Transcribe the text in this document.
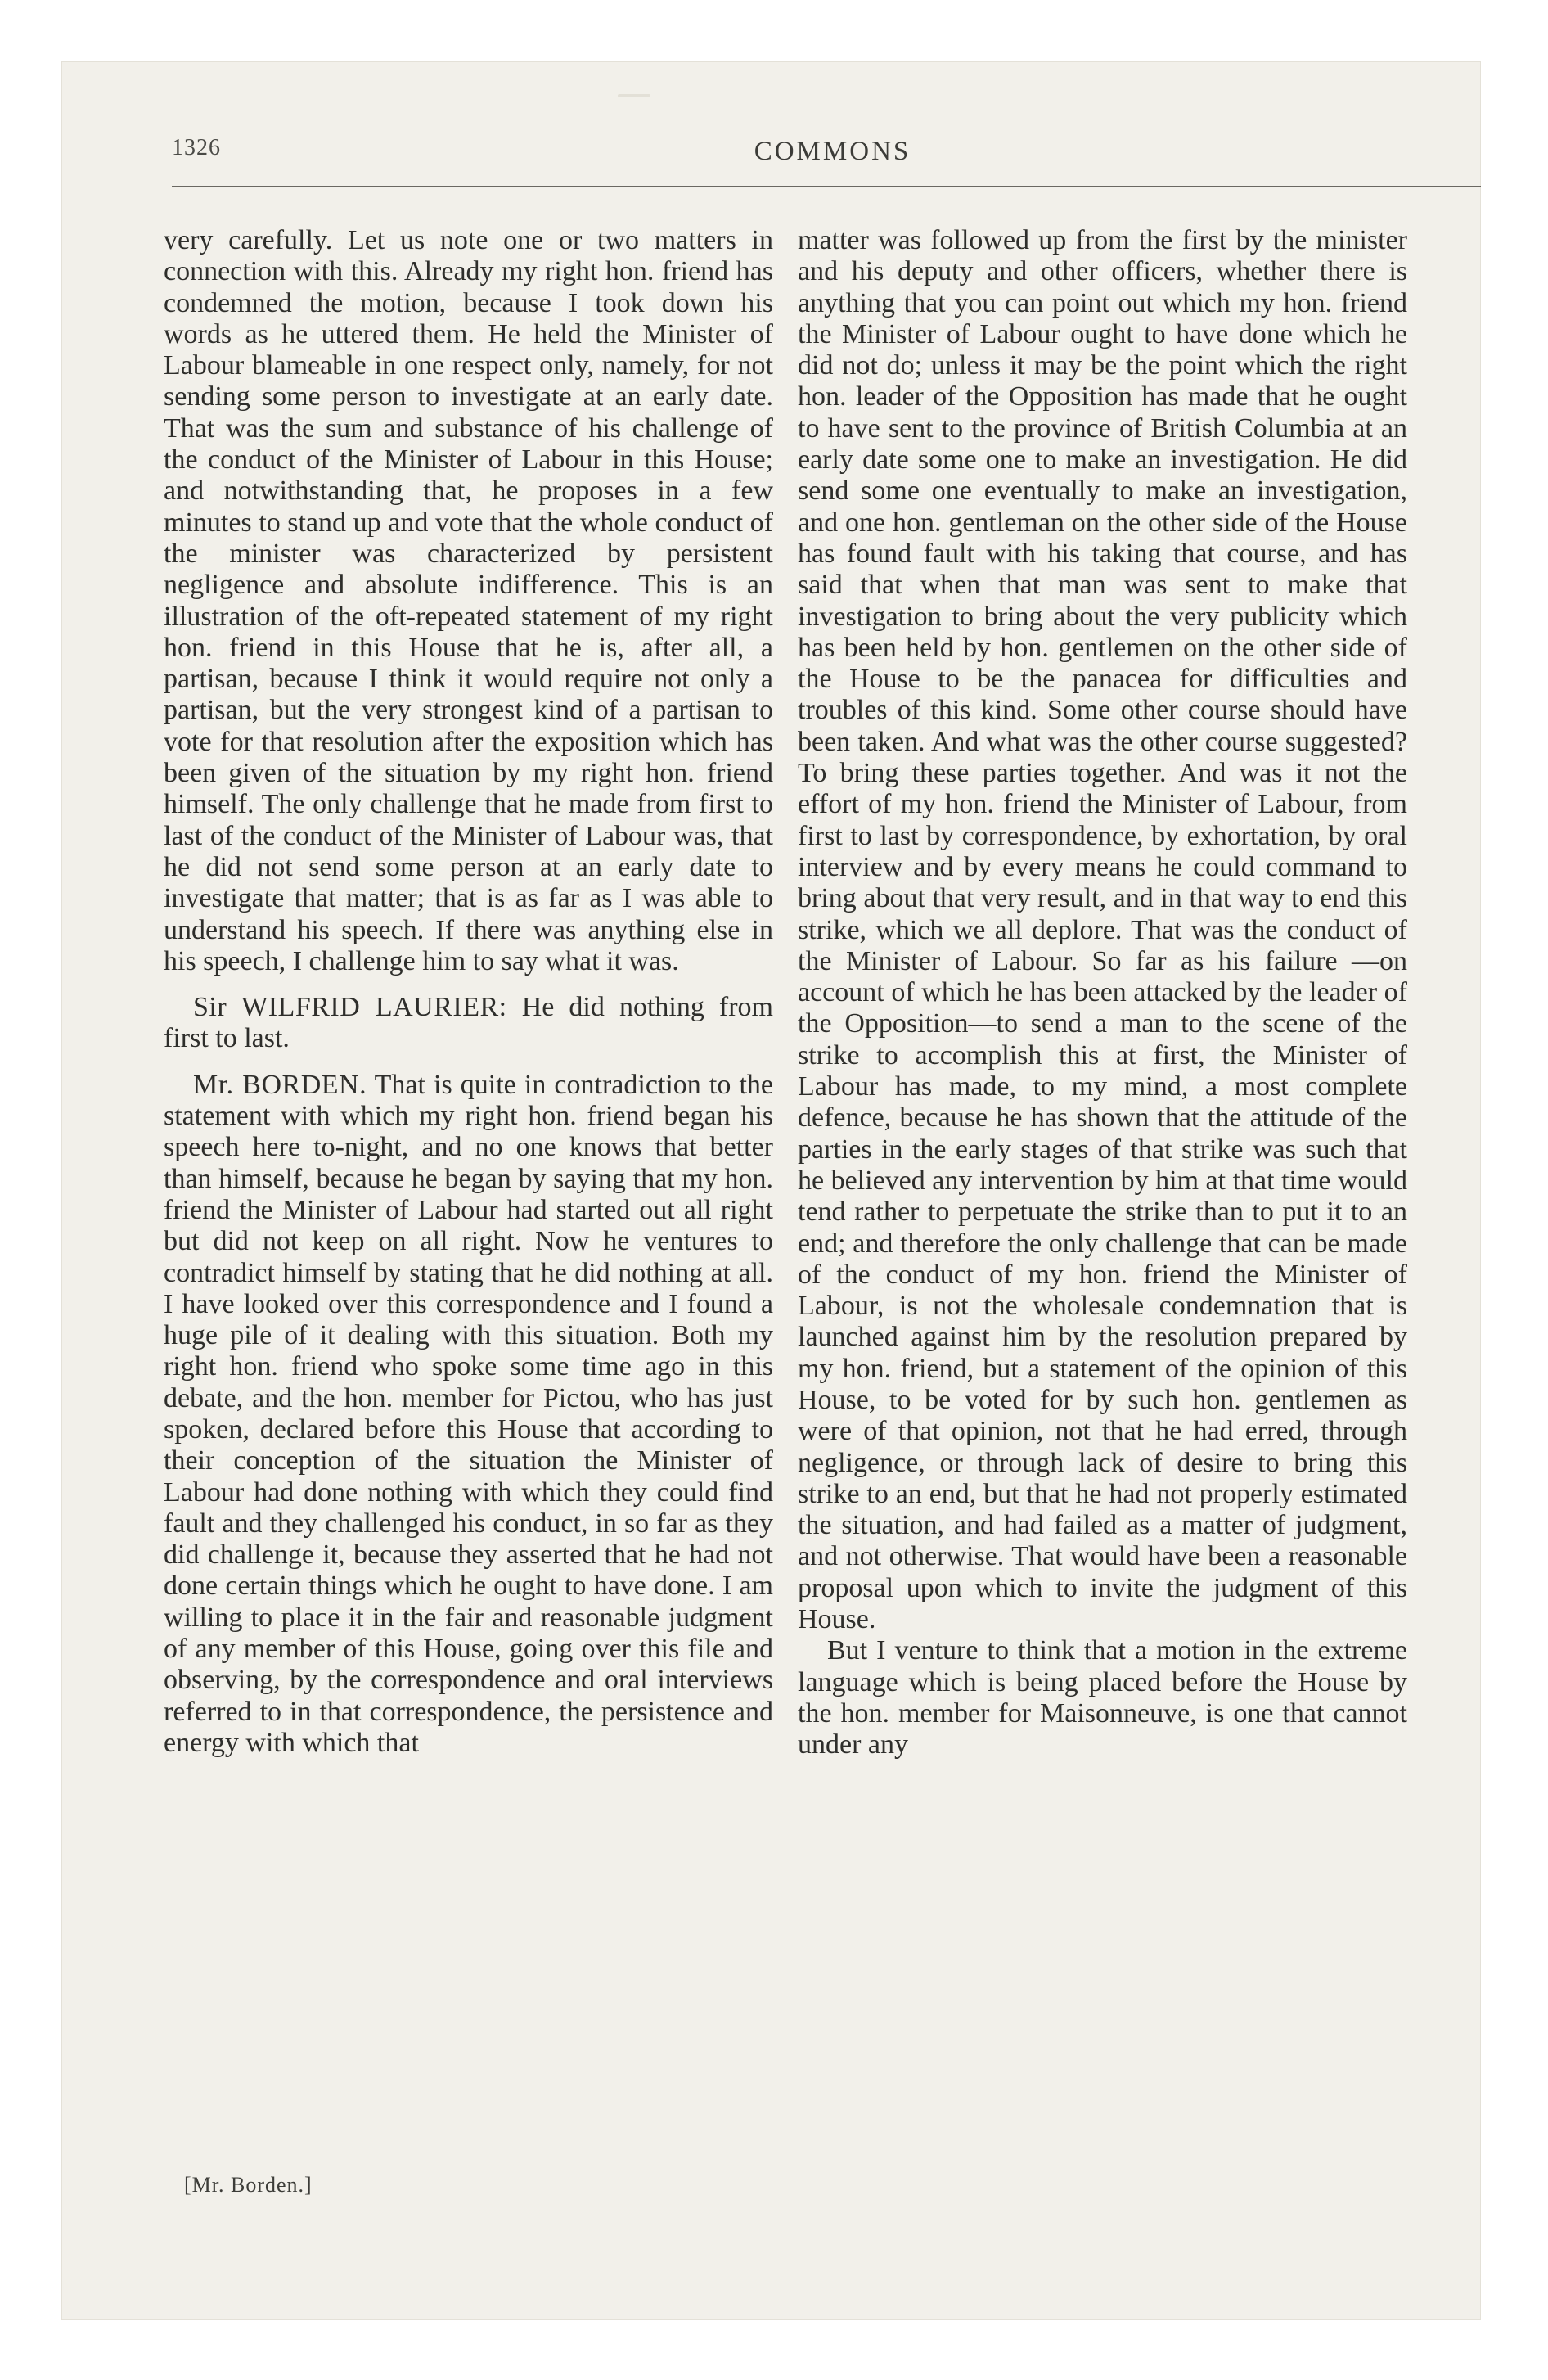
1326	COMMONS

very carefully. Let us note one or two matters in connection with this. Already my right hon. friend has condemned the motion, because I took down his words as he uttered them. He held the Minister of Labour blameable in one respect only, namely, for not sending some person to investigate at an early date. That was the sum and substance of his challenge of the conduct of the Minister of Labour in this House; and notwithstanding that, he proposes in a few minutes to stand up and vote that the whole conduct of the minister was characterized by persistent negligence and absolute indifference. This is an illustration of the oft-repeated statement of my right hon. friend in this House that he is, after all, a partisan, because I think it would require not only a partisan, but the very strongest kind of a partisan to vote for that resolution after the exposition which has been given of the situation by my right hon. friend himself. The only challenge that he made from first to last of the conduct of the Minister of Labour was, that he did not send some person at an early date to investigate that matter; that is as far as I was able to understand his speech. If there was anything else in his speech, I challenge him to say what it was.

Sir WILFRID LAURIER: He did nothing from first to last.

Mr. BORDEN. That is quite in contradiction to the statement with which my right hon. friend began his speech here to-night, and no one knows that better than himself, because he began by saying that my hon. friend the Minister of Labour had started out all right but did not keep on all right. Now he ventures to contradict himself by stating that he did nothing at all. I have looked over this correspondence and I found a huge pile of it dealing with this situation. Both my right hon. friend who spoke some time ago in this debate, and the hon. member for Pictou, who has just spoken, declared before this House that according to their conception of the situation the Minister of Labour had done nothing with which they could find fault and they challenged his conduct, in so far as they did challenge it, because they asserted that he had not done certain things which he ought to have done. I am willing to place it in the fair and reasonable judgment of any member of this House, going over this file and observing, by the correspondence and oral interviews referred to in that correspondence, the persistence and energy with which that

matter was followed up from the first by the minister and his deputy and other officers, whether there is anything that you can point out which my hon. friend the Minister of Labour ought to have done which he did not do; unless it may be the point which the right hon. leader of the Opposition has made that he ought to have sent to the province of British Columbia at an early date some one to make an investigation. He did send some one eventually to make an investigation, and one hon. gentleman on the other side of the House has found fault with his taking that course, and has said that when that man was sent to make that investigation to bring about the very publicity which has been held by hon. gentlemen on the other side of the House to be the panacea for difficulties and troubles of this kind. Some other course should have been taken. And what was the other course suggested? To bring these parties together. And was it not the effort of my hon. friend the Minister of Labour, from first to last by correspondence, by exhortation, by oral interview and by every means he could command to bring about that very result, and in that way to end this strike, which we all deplore. That was the conduct of the Minister of Labour. So far as his failure —on account of which he has been attacked by the leader of the Opposition—to send a man to the scene of the strike to accomplish this at first, the Minister of Labour has made, to my mind, a most complete defence, because he has shown that the attitude of the parties in the early stages of that strike was such that he believed any intervention by him at that time would tend rather to perpetuate the strike than to put it to an end; and therefore the only challenge that can be made of the conduct of my hon. friend the Minister of Labour, is not the wholesale condemnation that is launched against him by the resolution prepared by my hon. friend, but a statement of the opinion of this House, to be voted for by such hon. gentlemen as were of that opinion, not that he had erred, through negligence, or through lack of desire to bring this strike to an end, but that he had not properly estimated the situation, and had failed as a matter of judgment, and not otherwise. That would have been a reasonable proposal upon which to invite the judgment of this House.

But I venture to think that a motion in the extreme language which is being placed before the House by the hon. member for Maisonneuve, is one that cannot under any

[Mr. Borden.]
